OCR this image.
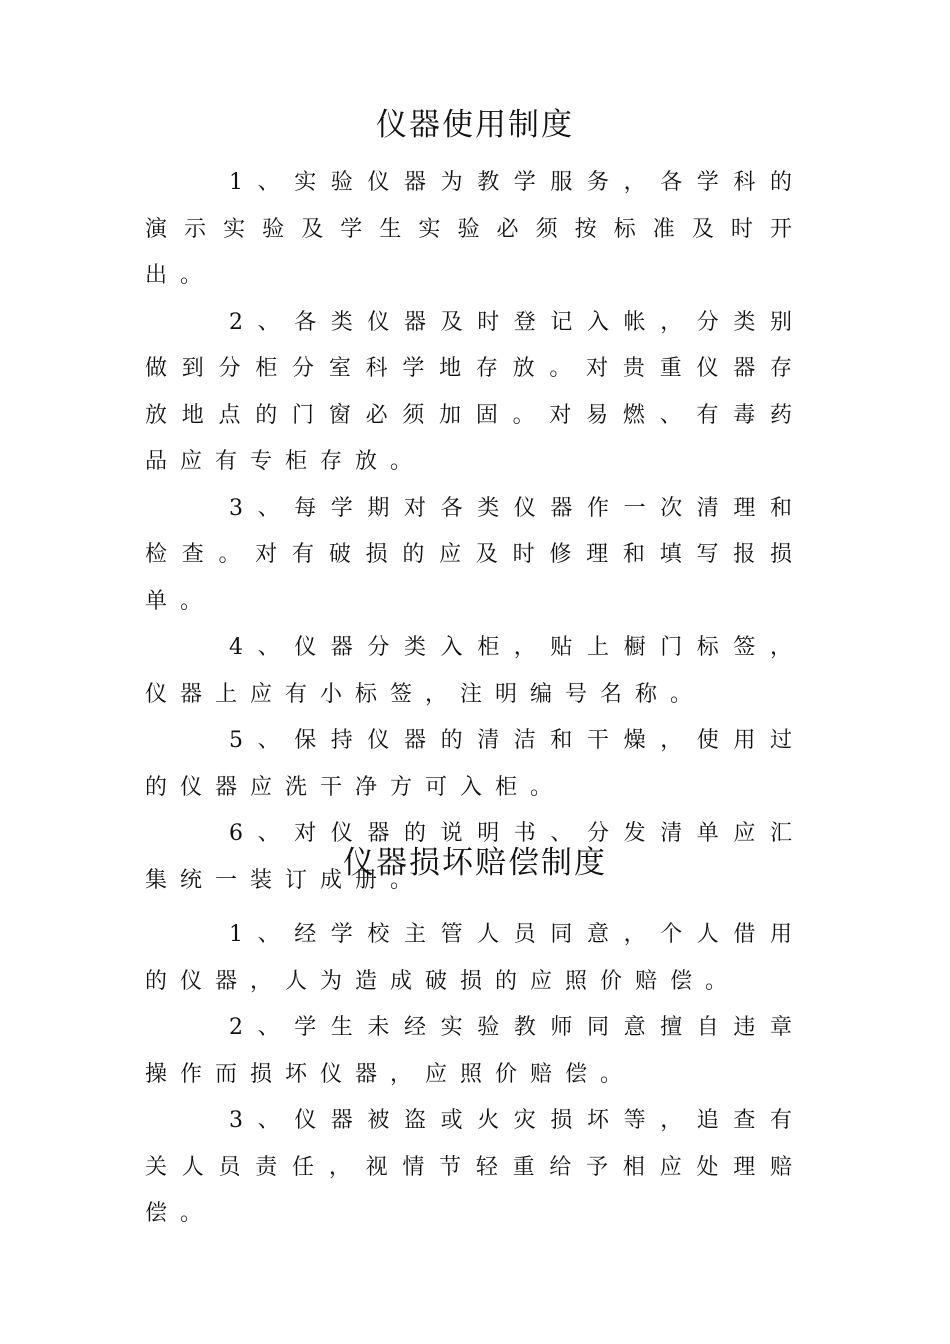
仪器使用制度

1、实验仪器为教学服务，各学科的演示实验及学生实验必须按标准及时开出。

2、各类仪器及时登记入帐，分类别做到分柜分室科学地存放。对贵重仪器存放地点的门窗必须加固。对易燃、有毒药品应有专柜存放。

3、每学期对各类仪器作一次清理和检查。对有破损的应及时修理和填写报损单。

4、仪器分类入柜，贴上橱门标签，仪器上应有小标签，注明编号名称。

5、保持仪器的清洁和干燥，使用过的仪器应洗干净方可入柜。

6、对仪器的说明书、分发清单应汇集统一装订成册。

仪器损坏赔偿制度

1、经学校主管人员同意，个人借用的仪器，人为造成破损的应照价赔偿。

2、学生未经实验教师同意擅自违章操作而损坏仪器，应照价赔偿。

3、仪器被盗或火灾损坏等，追查有关人员责任，视情节轻重给予相应处理赔偿。
